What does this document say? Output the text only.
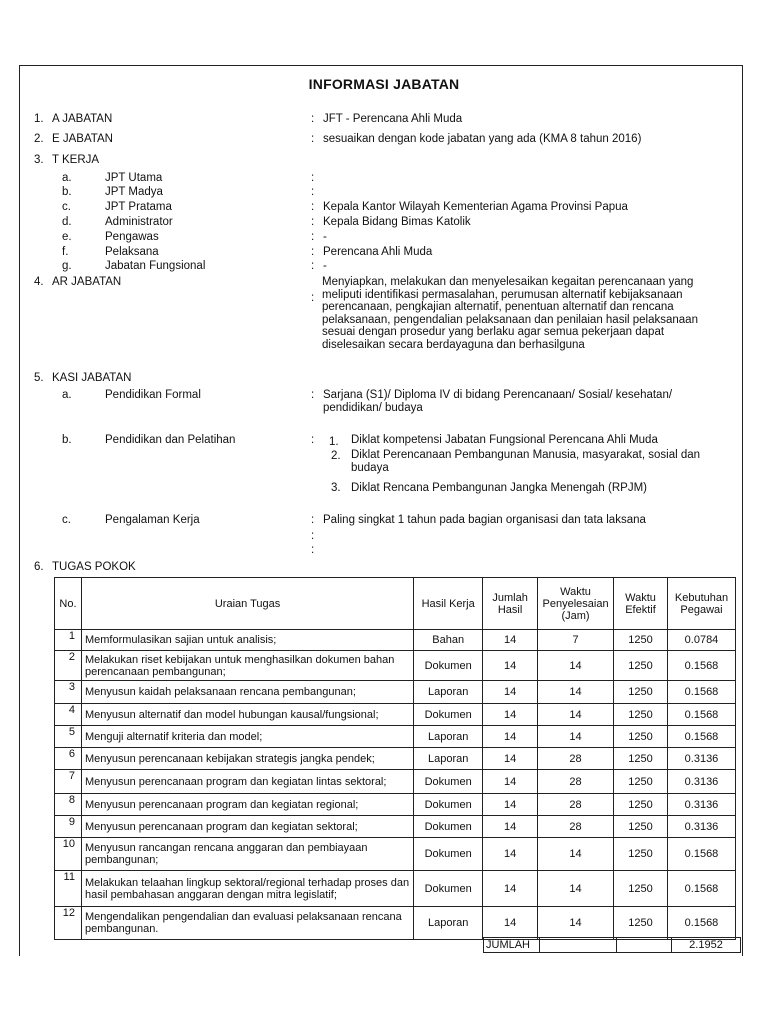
INFORMASI JABATAN
1. A JABATAN	: JFT - Perencana Ahli Muda
2. E JABATAN	: sesuaikan dengan kode jabatan yang ada (KMA 8 tahun 2016)
3. T KERJA
a.	JPT Utama	:
b.	JPT Madya	:
c.	JPT Pratama	: Kepala Kantor Wilayah Kementerian Agama Provinsi Papua
d.	Administrator	: Kepala Bidang Bimas Katolik
e.	Pengawas	: -
f.	Pelaksana	: Perencana Ahli Muda
g.	Jabatan Fungsional	: -
4. AR JABATAN
:
Menyiapkan, melakukan dan menyelesaikan kegaitan perencanaan yang
meliputi identifikasi permasalahan, perumusan alternatif kebijaksanaan
perencanaan, pengkajian alternatif, penentuan alternatif dan rencana
pelaksanaan, pengendalian pelaksanaan dan penilaian hasil pelaksanaan
sesuai dengan prosedur yang berlaku agar semua pekerjaan dapat
diselesaikan secara berdayaguna dan berhasilguna
5. KASI JABATAN
a.	Pendidikan Formal	: Sarjana (S1)/ Diploma IV di bidang Perencanaan/ Sosial/ kesehatan/
pendidikan/ budaya
b.	Pendidikan dan Pelatihan	: 1. Diklat kompetensi Jabatan Fungsional Perencana Ahli Muda
2. Diklat Perencanaan Pembangunan Manusia, masyarakat, sosial dan
budaya
3. Diklat Rencana Pembangunan Jangka Menengah (RPJM)
c.	Pengalaman Kerja	: Paling singkat 1 tahun pada bagian organisasi dan tata laksana
:
:
6. TUGAS POKOK
No.	Uraian Tugas	Hasil Kerja	Jumlah Hasil	Waktu Penyelesaian (Jam)	Waktu Efektif	Kebutuhan Pegawai
1	Memformulasikan sajian untuk analisis;	Bahan	14	7	1250	0.0784
2	Melakukan riset kebijakan untuk menghasilkan dokumen bahan perencanaan pembangunan;	Dokumen	14	14	1250	0.1568
3	Menyusun kaidah pelaksanaan rencana pembangunan;	Laporan	14	14	1250	0.1568
4	Menyusun alternatif dan model hubungan kausal/fungsional;	Dokumen	14	14	1250	0.1568
5	Menguji alternatif kriteria dan model;	Laporan	14	14	1250	0.1568
6	Menyusun perencanaan kebijakan strategis jangka pendek;	Laporan	14	28	1250	0.3136
7	Menyusun perencanaan program dan kegiatan lintas sektoral;	Dokumen	14	28	1250	0.3136
8	Menyusun perencanaan program dan kegiatan regional;	Dokumen	14	28	1250	0.3136
9	Menyusun perencanaan program dan kegiatan sektoral;	Dokumen	14	28	1250	0.3136
10	Menyusun rancangan rencana anggaran dan pembiayaan pembangunan;	Dokumen	14	14	1250	0.1568
11	Melakukan telaahan lingkup sektoral/regional terhadap proses dan hasil pembahasan anggaran dengan mitra legislatif;	Dokumen	14	14	1250	0.1568
12	Mengendalikan pengendalian dan evaluasi pelaksanaan rencana pembangunan.	Laporan	14	14	1250	0.1568
JUMLAH			2.1952
